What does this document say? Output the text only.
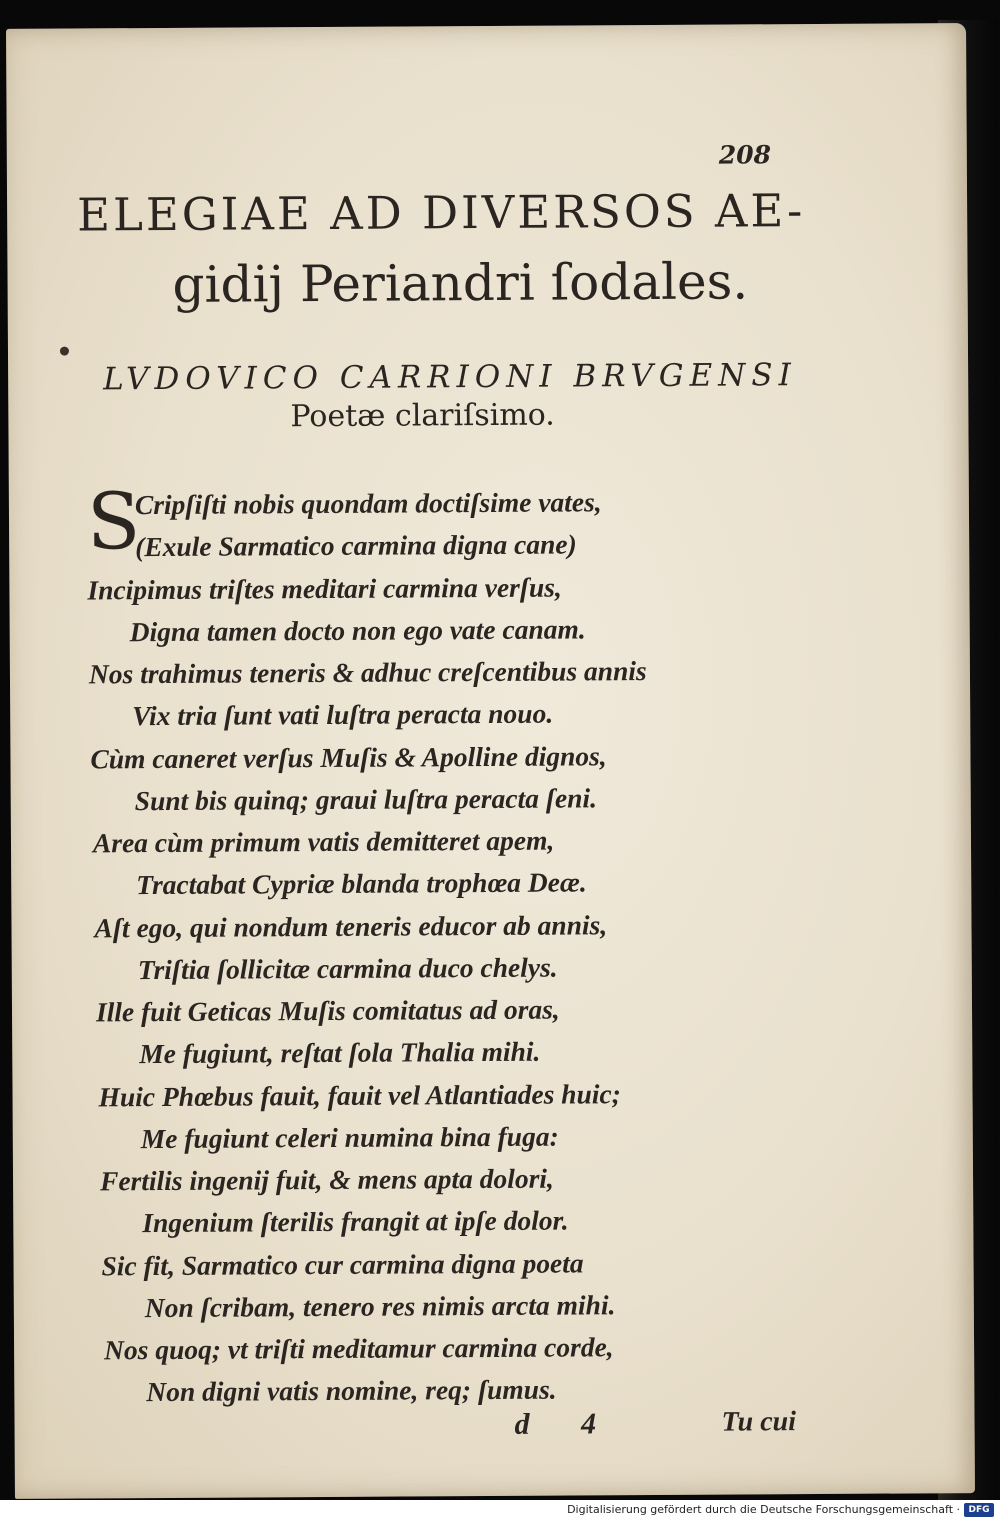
208
ELEGIAE AD DIVERSOS AE-
gidij Periandri ſodales.
LVDOVICO CARRIONI BRVGENSI
Poetæ clariſsimo.
S
Cripſiſti nobis quondam doctiſsime vates,
(Exule Sarmatico carmina digna cane)
Incipimus triſtes meditari carmina verſus,
Digna tamen docto non ego vate canam.
Nos trahimus teneris & adhuc creſcentibus annis
Vix tria ſunt vati luſtra peracta nouo.
Cùm caneret verſus Muſis & Apolline dignos,
Sunt bis quinq; graui luſtra peracta ſeni.
Area cùm primum vatis demitteret apem,
Tractabat Cypriæ blanda trophœa Deæ.
Aſt ego, qui nondum teneris educor ab annis,
Triſtia ſollicitæ carmina duco chelys.
Ille fuit Geticas Muſis comitatus ad oras,
Me fugiunt, reſtat ſola Thalia mihi.
Huic Phœbus fauit, fauit vel Atlantiades huic;
Me fugiunt celeri numina bina fuga:
Fertilis ingenij fuit, & mens apta dolori,
Ingenium ſterilis frangit at ipſe dolor.
Sic fit, Sarmatico cur carmina digna poeta
Non ſcribam, tenero res nimis arcta mihi.
Nos quoq; vt triſti meditamur carmina corde,
Non digni vatis nomine, req; ſumus.
d 4	Tu cui
Digitalisierung gefördert durch die Deutsche Forschungsgemeinschaft · DFG
